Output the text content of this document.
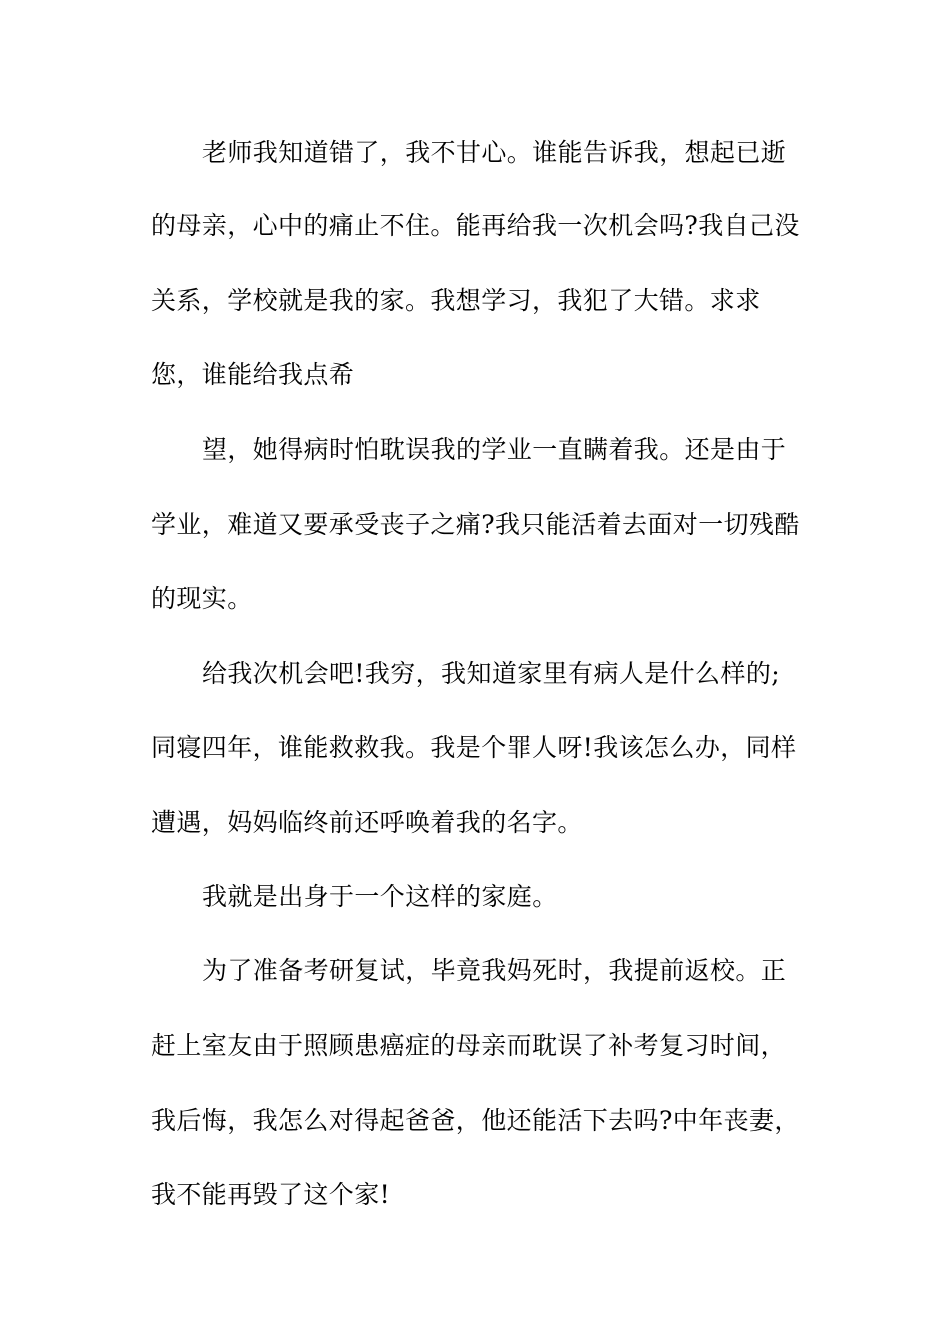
老师我知道错了，我不甘心。谁能告诉我，想起已逝
的母亲，心中的痛止不住。能再给我一次机会吗?我自己没
关系，学校就是我的家。我想学习，我犯了大错。求求
您，谁能给我点希
望，她得病时怕耽误我的学业一直瞒着我。还是由于
学业，难道又要承受丧子之痛?我只能活着去面对一切残酷
的现实。
给我次机会吧!我穷，我知道家里有病人是什么样的;
同寝四年，谁能救救我。我是个罪人呀!我该怎么办，同样
遭遇，妈妈临终前还呼唤着我的名字。
我就是出身于一个这样的家庭。
为了准备考研复试，毕竟我妈死时，我提前返校。正
赶上室友由于照顾患癌症的母亲而耽误了补考复习时间，
我后悔，我怎么对得起爸爸，他还能活下去吗?中年丧妻，
我不能再毁了这个家!
